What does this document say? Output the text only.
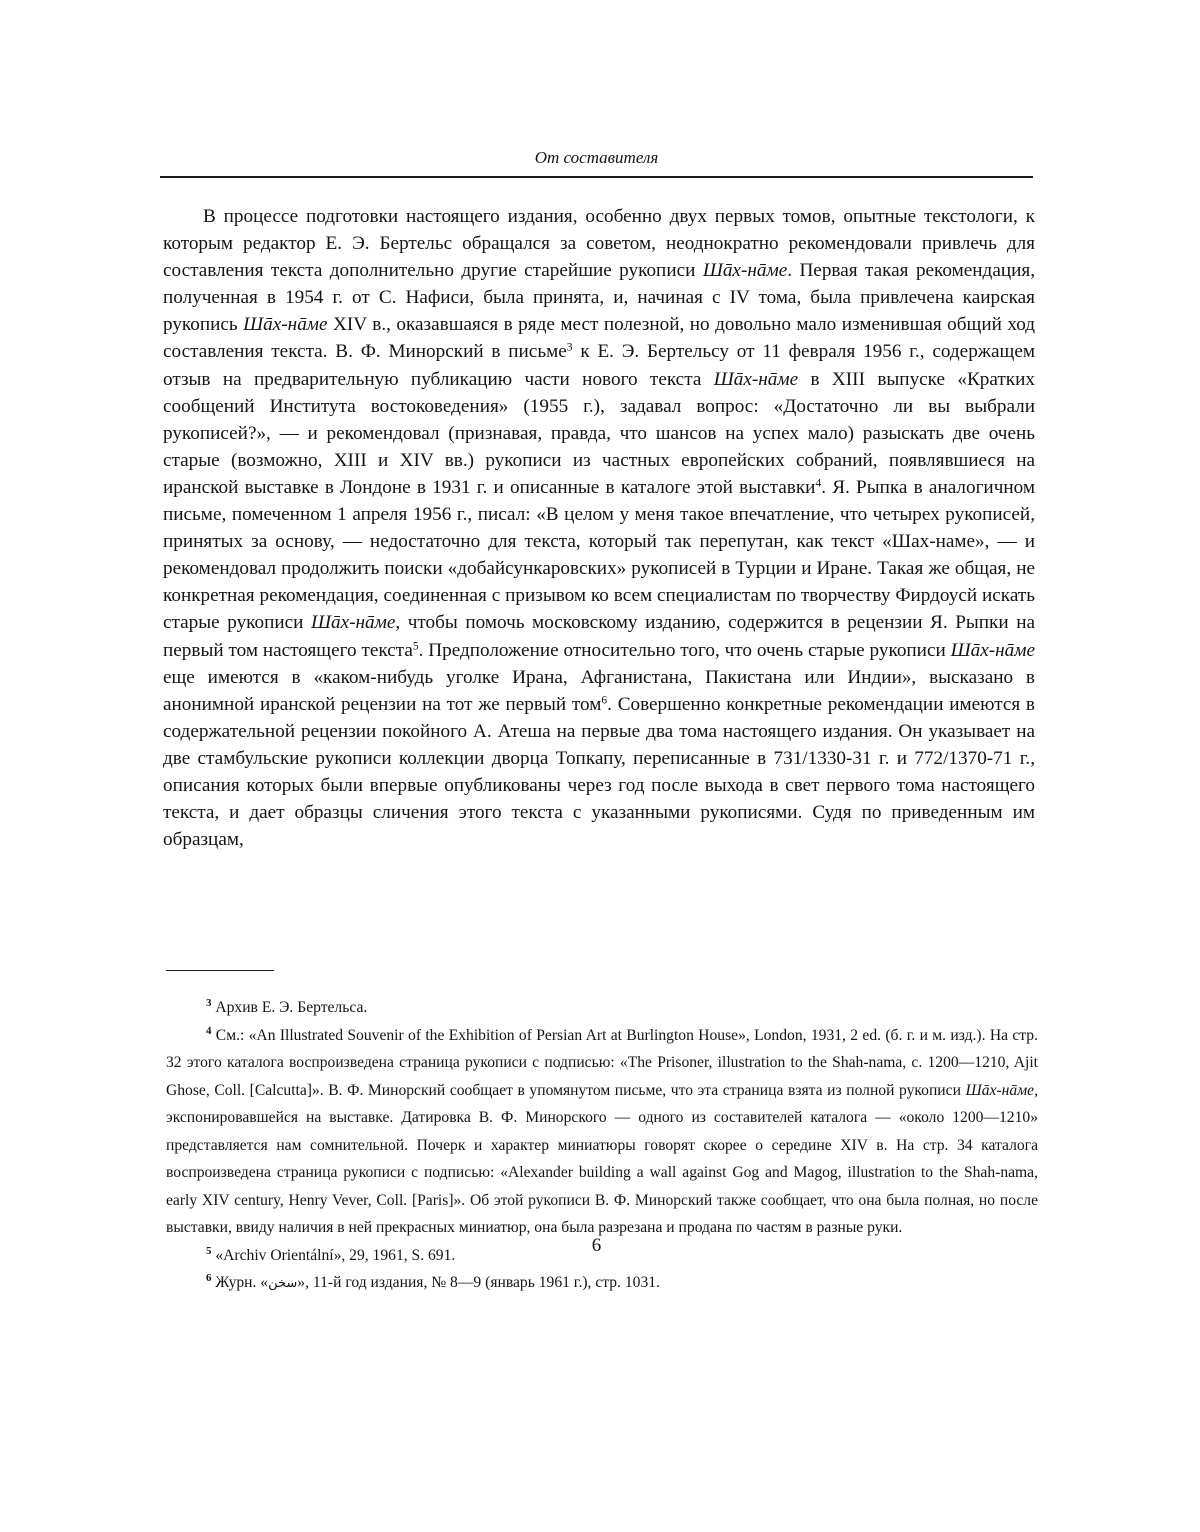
От составителя

В процессе подготовки настоящего издания, особенно двух первых томов, опытные текстологи, к которым редактор Е. Э. Бертельс обращался за советом, неоднократно рекомендовали привлечь для составления текста дополнительно другие старейшие рукописи Шāх-нāме. Первая такая рекомендация, полученная в 1954 г. от С. Нафиси, была принята, и, начиная с IV тома, была привлечена каирская рукопись Шāх-нāме XIV в., оказавшаяся в ряде мест полезной, но довольно мало изменившая общий ход составления текста. В. Ф. Минорский в письме$^3$ к Е. Э. Бертельсу от 11 февраля 1956 г., содержащем отзыв на предварительную публикацию части нового текста Шāх-нāме в XIII выпуске «Кратких сообщений Института востоковедения» (1955 г.), задавал вопрос: «Достаточно ли вы выбрали рукописей?», — и рекомендовал (признавая, правда, что шансов на успех мало) разыскать две очень старые (возможно, XIII и XIV вв.) рукописи из частных европейских собраний, появлявшиеся на иранской выставке в Лондоне в 1931 г. и описанные в каталоге этой выставки$^4$. Я. Рыпка в аналогичном письме, помеченном 1 апреля 1956 г., писал: «В целом у меня такое впечатление, что четырех рукописей, принятых за основу, — недостаточно для текста, который так перепутан, как текст «Шах-наме», — и рекомендовал продолжить поиски «добайсункаровских» рукописей в Турции и Иране. Такая же общая, не конкретная рекомендация, соединенная с призывом ко всем специалистам по творчеству Фирдоусй искать старые рукописи Шāх-нāме, чтобы помочь московскому изданию, содержится в рецензии Я. Рыпки на первый том настоящего текста$^5$. Предположение относительно того, что очень старые рукописи Шāх-нāме еще имеются в «каком-нибудь уголке Ирана, Афганистана, Пакистана или Индии», высказано в анонимной иранской рецензии на тот же первый том$^6$. Совершенно конкретные рекомендации имеются в содержательной рецензии покойного А. Атеша на первые два тома настоящего издания. Он указывает на две стамбульские рукописи коллекции дворца Топкапу, переписанные в 731/1330-31 г. и 772/1370-71 г., описания которых были впервые опубликованы через год после выхода в свет первого тома настоящего текста, и дает образцы сличения этого текста с указанными рукописями. Судя по приведенным им образцам,

$^3$ Архив Е. Э. Бертельса.

$^4$ См.: «An Illustrated Souvenir of the Exhibition of Persian Art at Burlington House», London, 1931, 2 ed. (б. г. и м. изд.). На стр. 32 этого каталога воспроизведена страница рукописи с подписью: «The Prisoner, illustration to the Shah-nama, c. 1200—1210, Ajit Ghose, Coll. [Calcutta]». В. Ф. Минорский сообщает в упомянутом письме, что эта страница взята из полной рукописи Шāх-нāме, экспонировавшейся на выставке. Датировка В. Ф. Минорского — одного из составителей каталога — «около 1200—1210» представляется нам сомнительной. Почерк и характер миниатюры говорят скорее о середине XIV в. На стр. 34 каталога воспроизведена страница рукописи с подписью: «Alexander building a wall against Gog and Magog, illustration to the Shah-nama, early XIV century, Henry Vever, Coll. [Paris]». Об этой рукописи В. Ф. Минорский также сообщает, что она была полная, но после выставки, ввиду наличия в ней прекрасных миниатюр, она была разрезана и продана по частям в разные руки.

$^5$ «Archiv Orientální», 29, 1961, S. 691.

$^6$ Журн. «سخن», 11-й год издания, № 8—9 (январь 1961 г.), стр. 1031.

6
